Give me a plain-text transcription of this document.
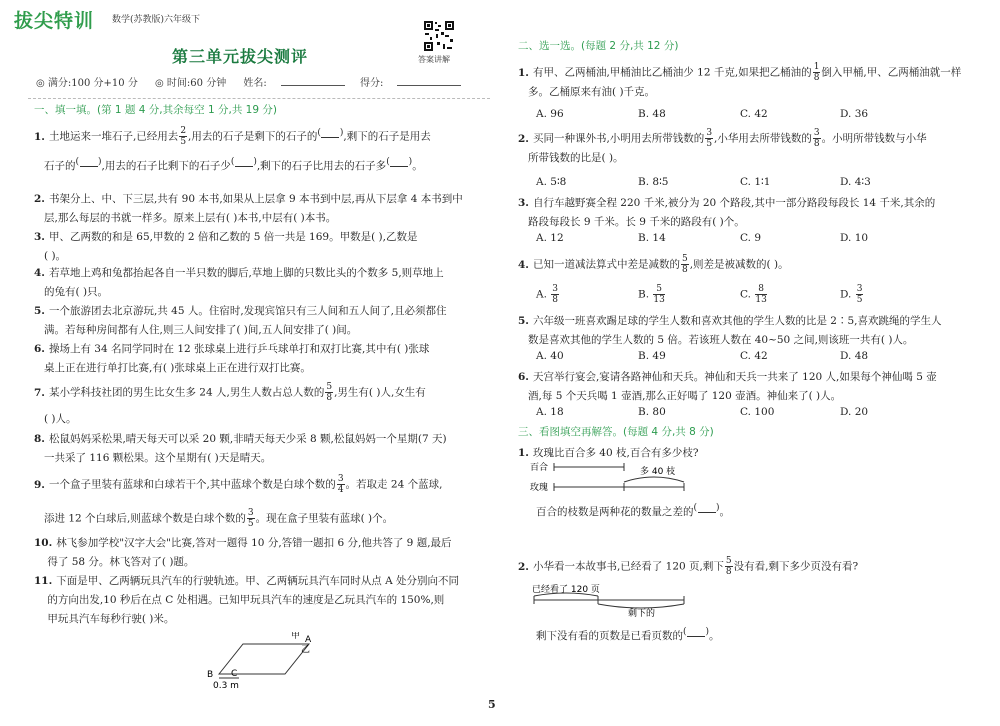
拔尖特训 数学(苏教版)六年级下
答案讲解
第三单元拔尖测评
◎ 满分:100 分+10 分 ◎ 时间:60 分钟 姓名:	得分:
一、填一填。(第 1 题 4 分,其余每空 1 分,共 19 分)
1. 土地运来一堆石子,已经用去 $\frac{2}{5}$ ,用去的石子是剩下的石子的 (
) ,剩下的石子是用去
石子的 (
) ,用去的石子比剩下的石子少 (
) ,剩下的石子比用去的石子多 (
) 。
2. 书架分上、中、下三层,共有 90 本书,如果从上层拿 9 本书到中层,再从下层拿 4 本书到中
层,那么每层的书就一样多。原来上层有( )本书,中层有( )本书。
3. 甲、乙两数的和是 65,甲数的 2 倍和乙数的 5 倍一共是 169。甲数是( ),乙数是
( )。
4. 若草地上鸡和兔都抬起各自一半只数的脚后,草地上脚的只数比头的个数多 5,则草地上
的兔有( )只。
5. 一个旅游团去北京游玩,共 45 人。住宿时,发现宾馆只有三人间和五人间了,且必须都住
满。若每种房间都有人住,则三人间安排了( )间,五人间安排了( )间。
6. 操场上有 34 名同学同时在 12 张球桌上进行乒乓球单打和双打比赛,其中有( )张球
桌上正在进行单打比赛,有( )张球桌上正在进行双打比赛。
7. 某小学科技社团的男生比女生多 24 人,男生人数占总人数的 $\frac{5}{8}$ ,男生有( )人,女生有
( )人。
8. 松鼠妈妈采松果,晴天每天可以采 20 颗,非晴天每天少采 8 颗,松鼠妈妈一个星期(7 天)
一共采了 116 颗松果。这个星期有( )天是晴天。
9. 一个盒子里装有蓝球和白球若干个,其中蓝球个数是白球个数的 $\frac{3}{4}$ 。若取走 24 个蓝球,
添进 12 个白球后,则蓝球个数是白球个数的 $\frac{3}{5}$ 。现在盒子里装有蓝球( )个。
10. 林飞参加学校"汉字大会"比赛,答对一题得 10 分,答错一题扣 6 分,他共答了 9 题,最后
得了 58 分。林飞答对了( )题。
11. 下面是甲、乙两辆玩具汽车的行驶轨迹。甲、乙两辆玩具汽车同时从点 A 处分别向不同
的方向出发,10 秒后在点 C 处相遇。已知甲玩具汽车的速度是乙玩具汽车的 150%,则
甲玩具汽车每秒行驶( )米。
B C
A
甲
乙
0.3 m
二、选一选。(每题 2 分,共 12 分)
1. 有甲、乙两桶油,甲桶油比乙桶油少 12 千克,如果把乙桶油的 $\frac{1}{8}$ 倒入甲桶,甲、乙两桶油就一样
多。乙桶原来有油( )千克。
A. 96	B. 48	C. 42	D. 36
2. 买同一种课外书,小明用去所带钱数的 $\frac{3}{5}$ ,小华用去所带钱数的 $\frac{3}{8}$ 。小明所带钱数与小华
所带钱数的比是( )。
A. 5∶8	B. 8∶5	C. 1∶1	D. 4∶3
3. 自行车越野赛全程 220 千米,被分为 20 个路段,其中一部分路段每段长 14 千米,其余的
路段每段长 9 千米。长 9 千米的路段有( )个。
A. 12	B. 14	C. 9	D. 10
4. 已知一道减法算式中差是减数的 $\frac{5}{8}$ ,则差是被减数的( )。
A. $\frac{3}{8}$	B. $\frac{5}{13}$	C. $\frac{8}{13}$	D. $\frac{3}{5}$
5. 六年级一班喜欢踢足球的学生人数和喜欢其他的学生人数的比是 2∶5,喜欢跳绳的学生人
数是喜欢其他的学生人数的 5 倍。若该班人数在 40~50 之间,则该班一共有( )人。
A. 40	B. 49	C. 42	D. 48
6. 天宫举行宴会,宴请各路神仙和天兵。神仙和天兵一共来了 120 人,如果每个神仙喝 5 壶
酒,每 5 个天兵喝 1 壶酒,那么正好喝了 120 壶酒。神仙来了( )人。
A. 18	B. 80	C. 100	D. 20
三、看图填空再解答。(每题 4 分,共 8 分)
1. 玫瑰比百合多 40 枝,百合有多少枝?
百合
玫瑰
多 40 枝
百合的枝数是两种花的数量之差的 (
) 。
2. 小华看一本故事书,已经看了 120 页,剩下 $\frac{5}{8}$ 没有看,剩下多少页没有看?
已经看了 120 页
剩下的
剩下没有看的页数是已看页数的 (
) 。
5
